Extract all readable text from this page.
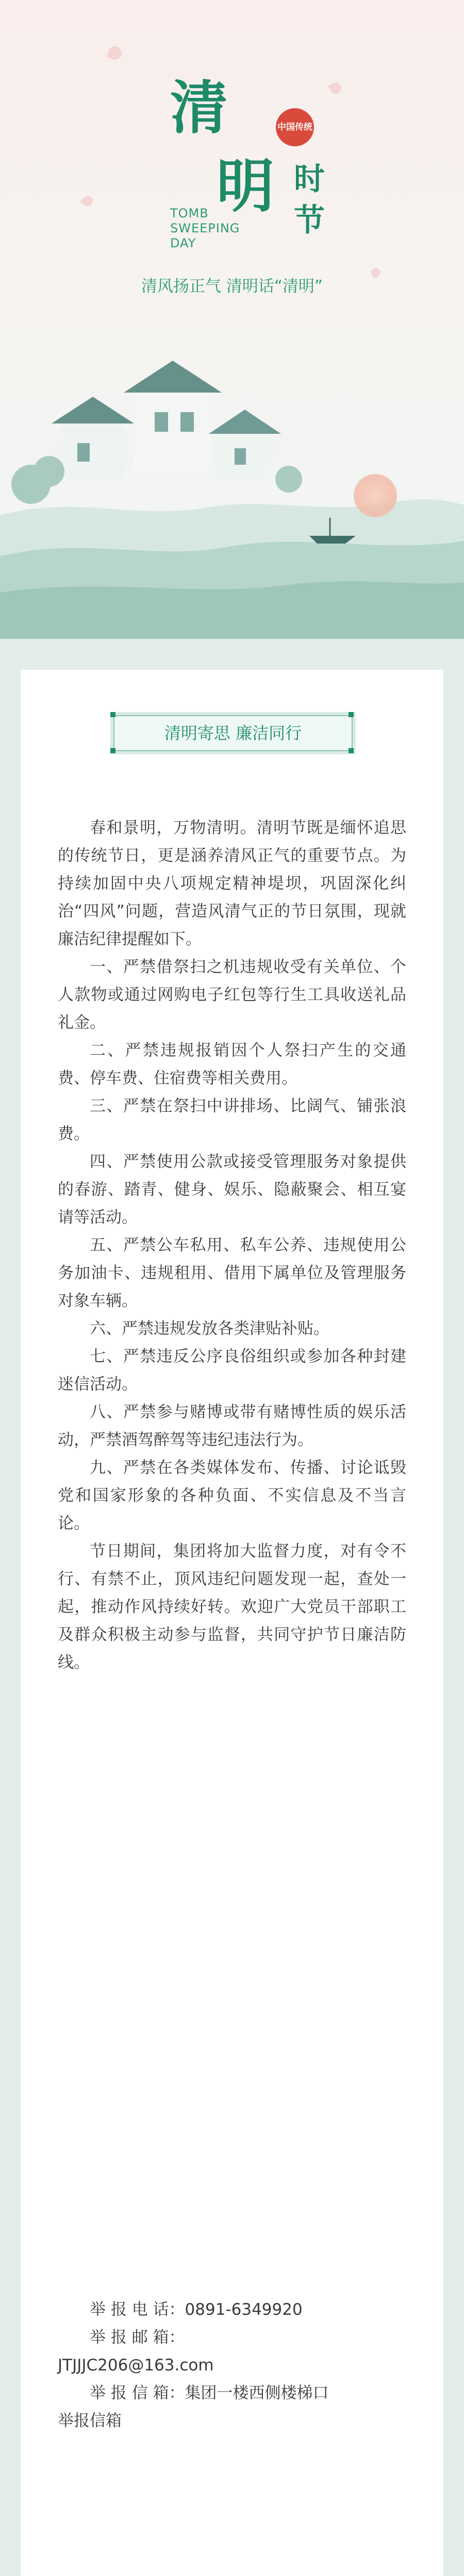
清	中国传统
明 时
节
TOMB
SWEEPING
DAY
清风扬正气 清明话“清明”
清明寄思 廉洁同行

春和景明，万物清明。清明节既是缅怀追思的传统节日，更是涵养清风正气的重要节点。为持续加固中央八项规定精神堤坝，巩固深化纠治“四风”问题，营造风清气正的节日氛围，现就廉洁纪律提醒如下。

一、严禁借祭扫之机违规收受有关单位、个人款物或通过网购电子红包等行生工具收送礼品礼金。

二、严禁违规报销因个人祭扫产生的交通费、停车费、住宿费等相关费用。

三、严禁在祭扫中讲排场、比阔气、铺张浪费。

四、严禁使用公款或接受管理服务对象提供的春游、踏青、健身、娱乐、隐蔽聚会、相互宴请等活动。

五、严禁公车私用、私车公养、违规使用公务加油卡、违规租用、借用下属单位及管理服务对象车辆。

六、严禁违规发放各类津贴补贴。

七、严禁违反公序良俗组织或参加各种封建迷信活动。

八、严禁参与赌博或带有赌博性质的娱乐活动，严禁酒驾醉驾等违纪违法行为。

九、严禁在各类媒体发布、传播、讨论诋毁党和国家形象的各种负面、不实信息及不当言论。

节日期间，集团将加大监督力度，对有令不行、有禁不止，顶风违纪问题发现一起，查处一起，推动作风持续好转。欢迎广大党员干部职工及群众积极主动参与监督，共同守护节日廉洁防线。

举 报 电 话：0891-6349920
举 报 邮 箱：
JTJJJC206@163.com
举 报 信 箱：集团一楼西侧楼梯口
举报信箱
